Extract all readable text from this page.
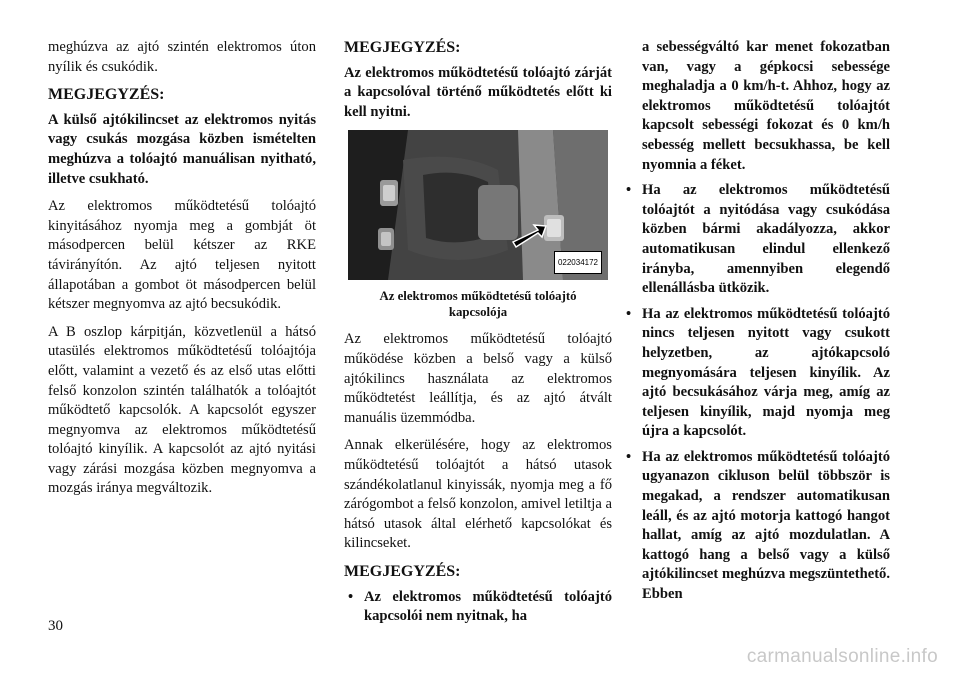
meghúzva az ajtó szintén elektromos úton nyílik és csukódik.

MEGJEGYZÉS:

A külső ajtókilincset az elektromos nyitás vagy csukás mozgása közben ismételten meghúzva a tolóajtó manuálisan nyitható, illetve csukható.

Az elektromos működtetésű tolóajtó kinyitásához nyomja meg a gombját öt másodpercen belül kétszer az RKE távirányítón. Az ajtó teljesen nyitott állapotában a gombot öt másodpercen belül kétszer megnyomva az ajtó becsukódik.

A B oszlop kárpitján, közvetlenül a hátsó utasülés elektromos működtetésű tolóajtója előtt, valamint a vezető és az első utas előtti felső konzolon szintén találhatók a tolóajtót működtető kapcsolók. A kapcsolót egyszer megnyomva az elektromos működtetésű tolóajtó kinyílik. A kapcsolót az ajtó nyitási vagy zárási mozgása közben megnyomva a mozgás iránya megváltozik.

MEGJEGYZÉS:

Az elektromos működtetésű tolóajtó zárját a kapcsolóval történő működtetés előtt ki kell nyitni.

022034172

Az elektromos működtetésű tolóajtó kapcsolója

Az elektromos működtetésű tolóajtó működése közben a belső vagy a külső ajtókilincs használata az elektromos működtetést leállítja, és az ajtó átvált manuális üzemmódba.

Annak elkerülésére, hogy az elektromos működtetésű tolóajtót a hátsó utasok szándékolatlanul kinyissák, nyomja meg a fő zárógombot a felső konzolon, amivel letiltja a hátsó utasok által elérhető kapcsolókat és kilincseket.

MEGJEGYZÉS:

• Az elektromos működtetésű tolóajtó kapcsolói nem nyitnak, ha

a sebességváltó kar menet fokozatban van, vagy a gépkocsi sebessége meghaladja a 0 km/h-t. Ahhoz, hogy az elektromos működtetésű tolóajtót kapcsolt sebességi fokozat és 0 km/h sebesség mellett becsukhassa, be kell nyomnia a féket.

• Ha az elektromos működtetésű tolóajtót a nyitódása vagy csukódása közben bármi akadályozza, akkor automatikusan elindul ellenkező irányba, amennyiben elegendő ellenállásba ütközik.
• Ha az elektromos működtetésű tolóajtó nincs teljesen nyitott vagy csukott helyzetben, az ajtókapcsoló megnyomására teljesen kinyílik. Az ajtó becsukásához várja meg, amíg az teljesen kinyílik, majd nyomja meg újra a kapcsolót.
• Ha az elektromos működtetésű tolóajtó ugyanazon cikluson belül többször is megakad, a rendszer automatikusan leáll, és az ajtó motorja kattogó hangot hallat, amíg az ajtó mozdulatlan. A kattogó hang a belső vagy a külső ajtókilincset meghúzva megszüntethető. Ebben
30
carmanualsonline.info
